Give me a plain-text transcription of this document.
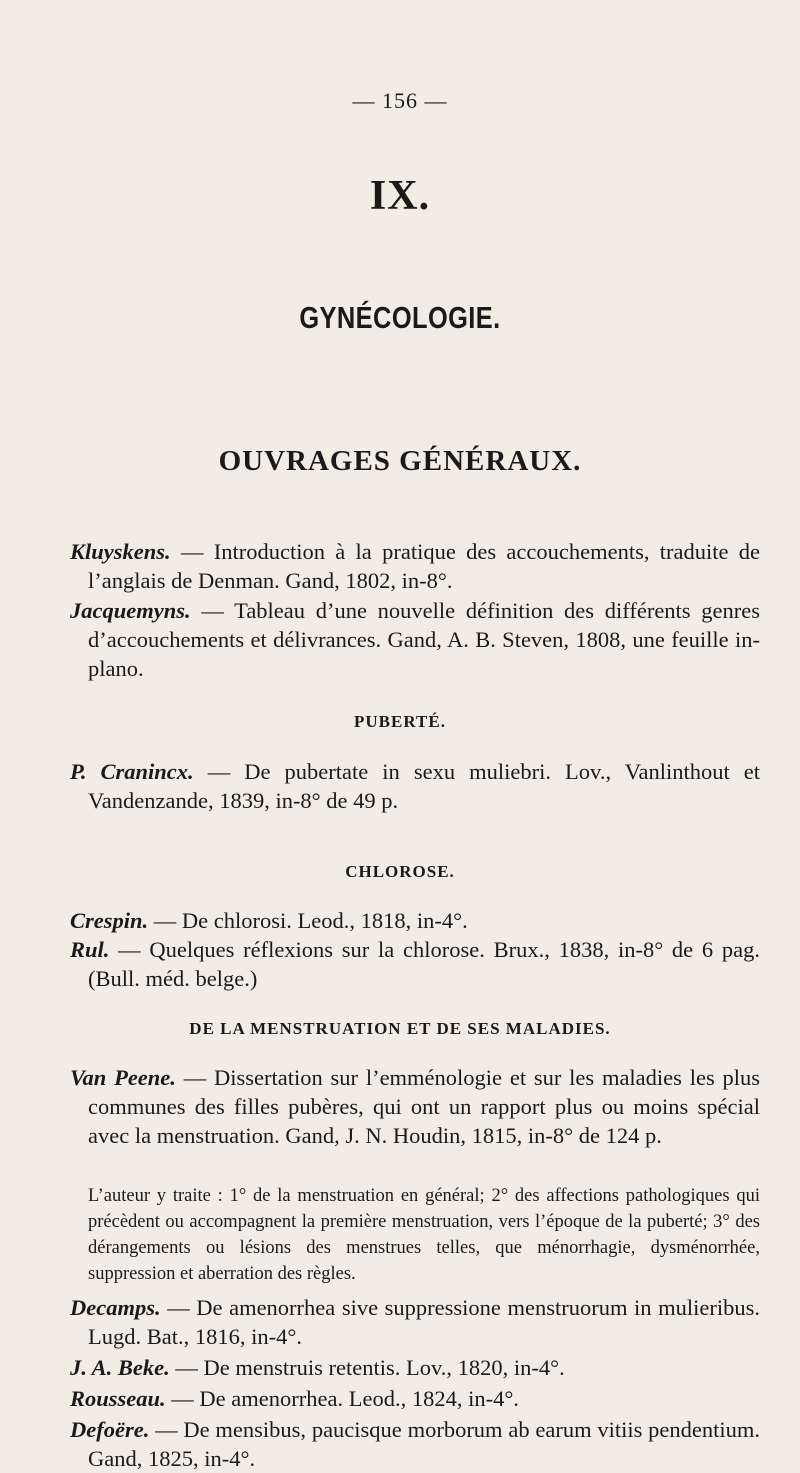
— 156 —
IX.
GYNÉCOLOGIE.
OUVRAGES GÉNÉRAUX.
Kluyskens. — Introduction à la pratique des accouchements, traduite de l’anglais de Denman. Gand, 1802, in-8°.
Jacquemyns. — Tableau d’une nouvelle définition des différents genres d’accouchements et délivrances. Gand, A. B. Steven, 1808, une feuille in-plano.
PUBERTÉ.
P. Cranincx. — De pubertate in sexu muliebri. Lov., Vanlinthout et Vandenzande, 1839, in-8° de 49 p.
CHLOROSE.
Crespin. — De chlorosi. Leod., 1818, in-4°.
Rul. — Quelques réflexions sur la chlorose. Brux., 1838, in-8° de 6 pag. (Bull. méd. belge.)
DE LA MENSTRUATION ET DE SES MALADIES.
Van Peene. — Dissertation sur l’emménologie et sur les maladies les plus communes des filles pubères, qui ont un rapport plus ou moins spécial avec la menstruation. Gand, J. N. Houdin, 1815, in-8° de 124 p.
L’auteur y traite : 1° de la menstruation en général; 2° des affections pathologiques qui précèdent ou accompagnent la première menstruation, vers l’époque de la puberté; 3° des dérangements ou lésions des menstrues telles, que ménorrhagie, dysménorrhée, suppression et aberration des règles.
Decamps. — De amenorrhea sive suppressione menstruorum in mulieribus. Lugd. Bat., 1816, in-4°.
J. A. Beke. — De menstruis retentis. Lov., 1820, in-4°.
Rousseau. — De amenorrhea. Leod., 1824, in-4°.
Defoëre. — De mensibus, paucisque morborum ab earum vitiis pendentium. Gand, 1825, in-4°.
